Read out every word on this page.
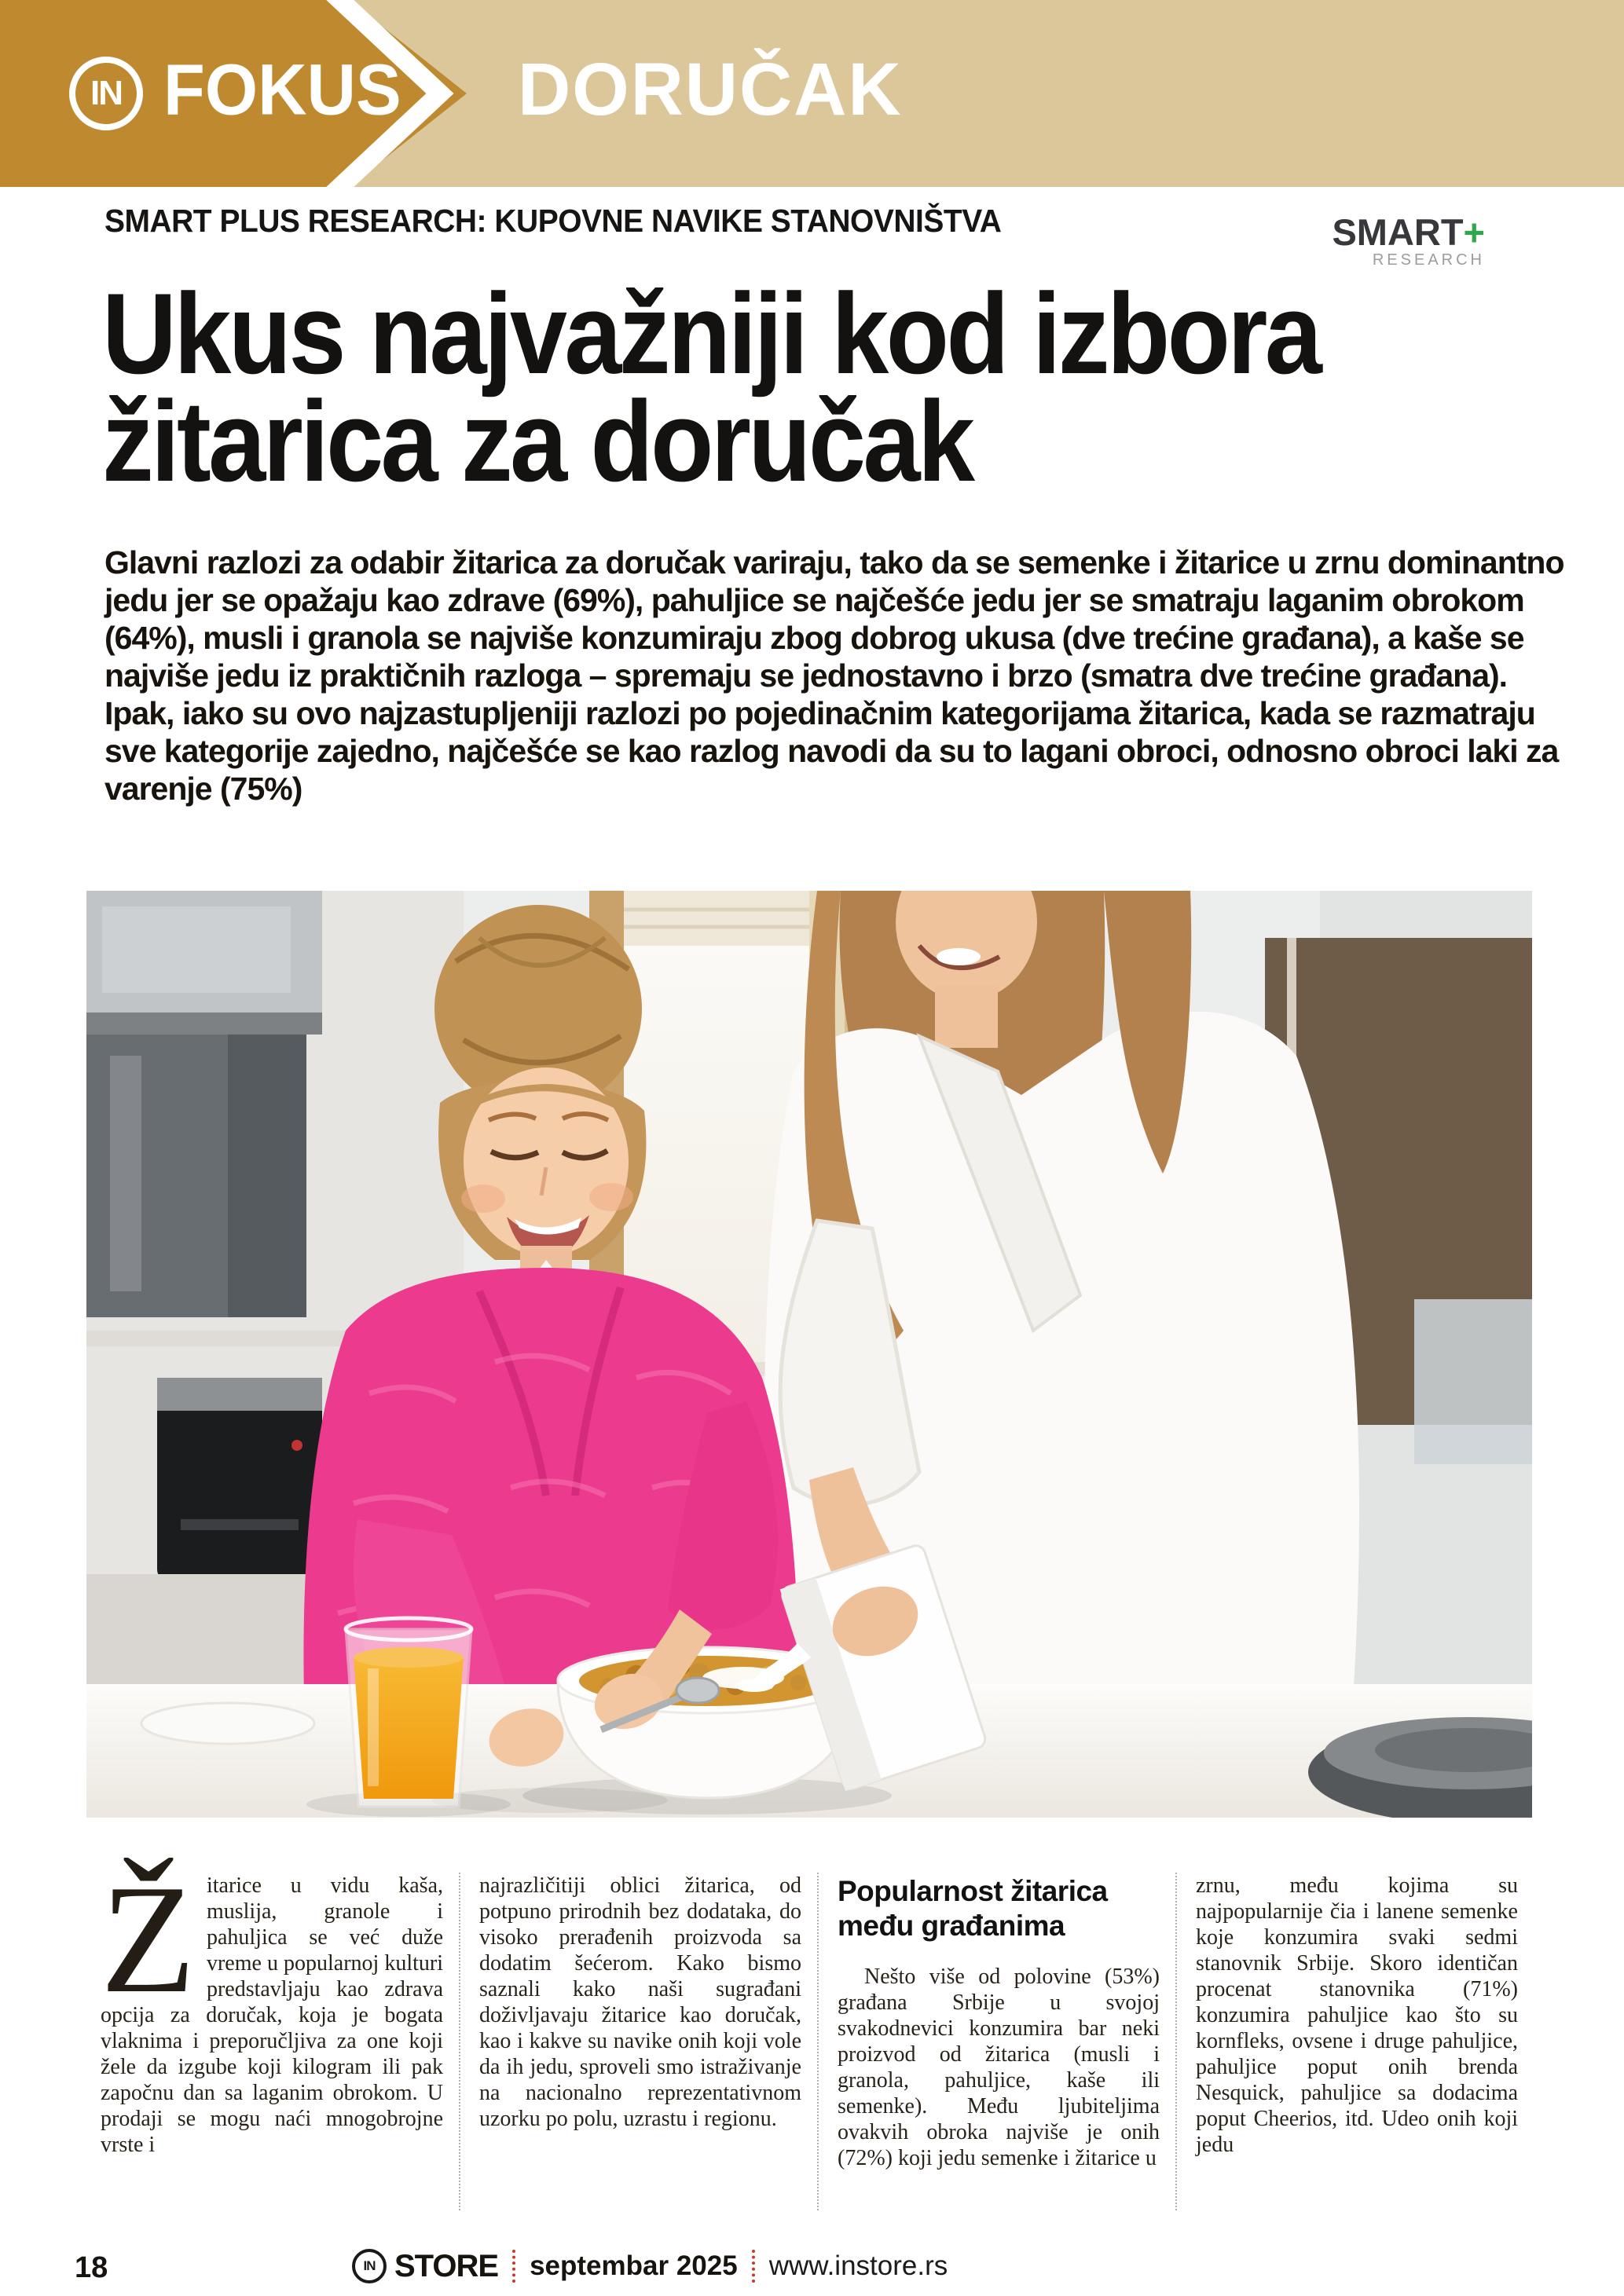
IN FOKUS DORUČAK
SMART PLUS RESEARCH: KUPOVNE NAVIKE STANOVNIŠTVA	SMART+
RESEARCH
Ukus najvažniji kod izbora
žitarica za doručak
Glavni razlozi za odabir žitarica za doručak variraju, tako da se semenke i žitarice u zrnu dominantno jedu jer se opažaju kao zdrave (69%), pahuljice se najčešće jedu jer se smatraju laganim obrokom (64%), musli i granola se najviše konzumiraju zbog dobrog ukusa (dve trećine građana), a kaše se najviše jedu iz praktičnih razloga – spremaju se jednostavno i brzo (smatra dve trećine građana). Ipak, iako su ovo najzastupljeniji razlozi po pojedinačnim kategorijama žitarica, kada se razmatraju sve kategorije zajedno, najčešće se kao razlog navodi da su to lagani obroci, odnosno obroci laki za varenje (75%)
Žitarice u vidu kaša, muslija, granole i pahuljica se već duže vreme u popularnoj kulturi predstavljaju kao zdrava opcija za doručak, koja je bogata vlaknima i preporučljiva za one koji žele da izgube koji kilogram ili pak započnu dan sa laganim obrokom. U prodaji se mogu naći mnogobrojne vrste i
najrazličitiji oblici žitarica, od potpuno prirodnih bez dodataka, do visoko prerađenih proizvoda sa dodatim šećerom. Kako bismo saznali kako naši sugrađani doživljavaju žitarice kao doručak, kao i kakve su navike onih koji vole da ih jedu, sproveli smo istraživanje na nacionalno reprezentativnom uzorku po polu, uzrastu i regionu.
Popularnost žitarica među građanima
Nešto više od polovine (53%) građana Srbije u svojoj svakodnevici konzumira bar neki proizvod od žitarica (musli i granola, pahuljice, kaše ili semenke). Među ljubiteljima ovakvih obroka najviše je onih (72%) koji jedu semenke i žitarice u
zrnu, među kojima su najpopularnije čia i lanene semenke koje konzumira svaki sedmi stanovnik Srbije. Skoro identičan procenat stanovnika (71%) konzumira pahuljice kao što su kornfleks, ovsene i druge pahuljice, pahuljice poput onih brenda Nesquick, pahuljice sa dodacima poput Cheerios, itd. Udeo onih koji jedu
18	IN STORE septembar 2025 www.instore.rs
